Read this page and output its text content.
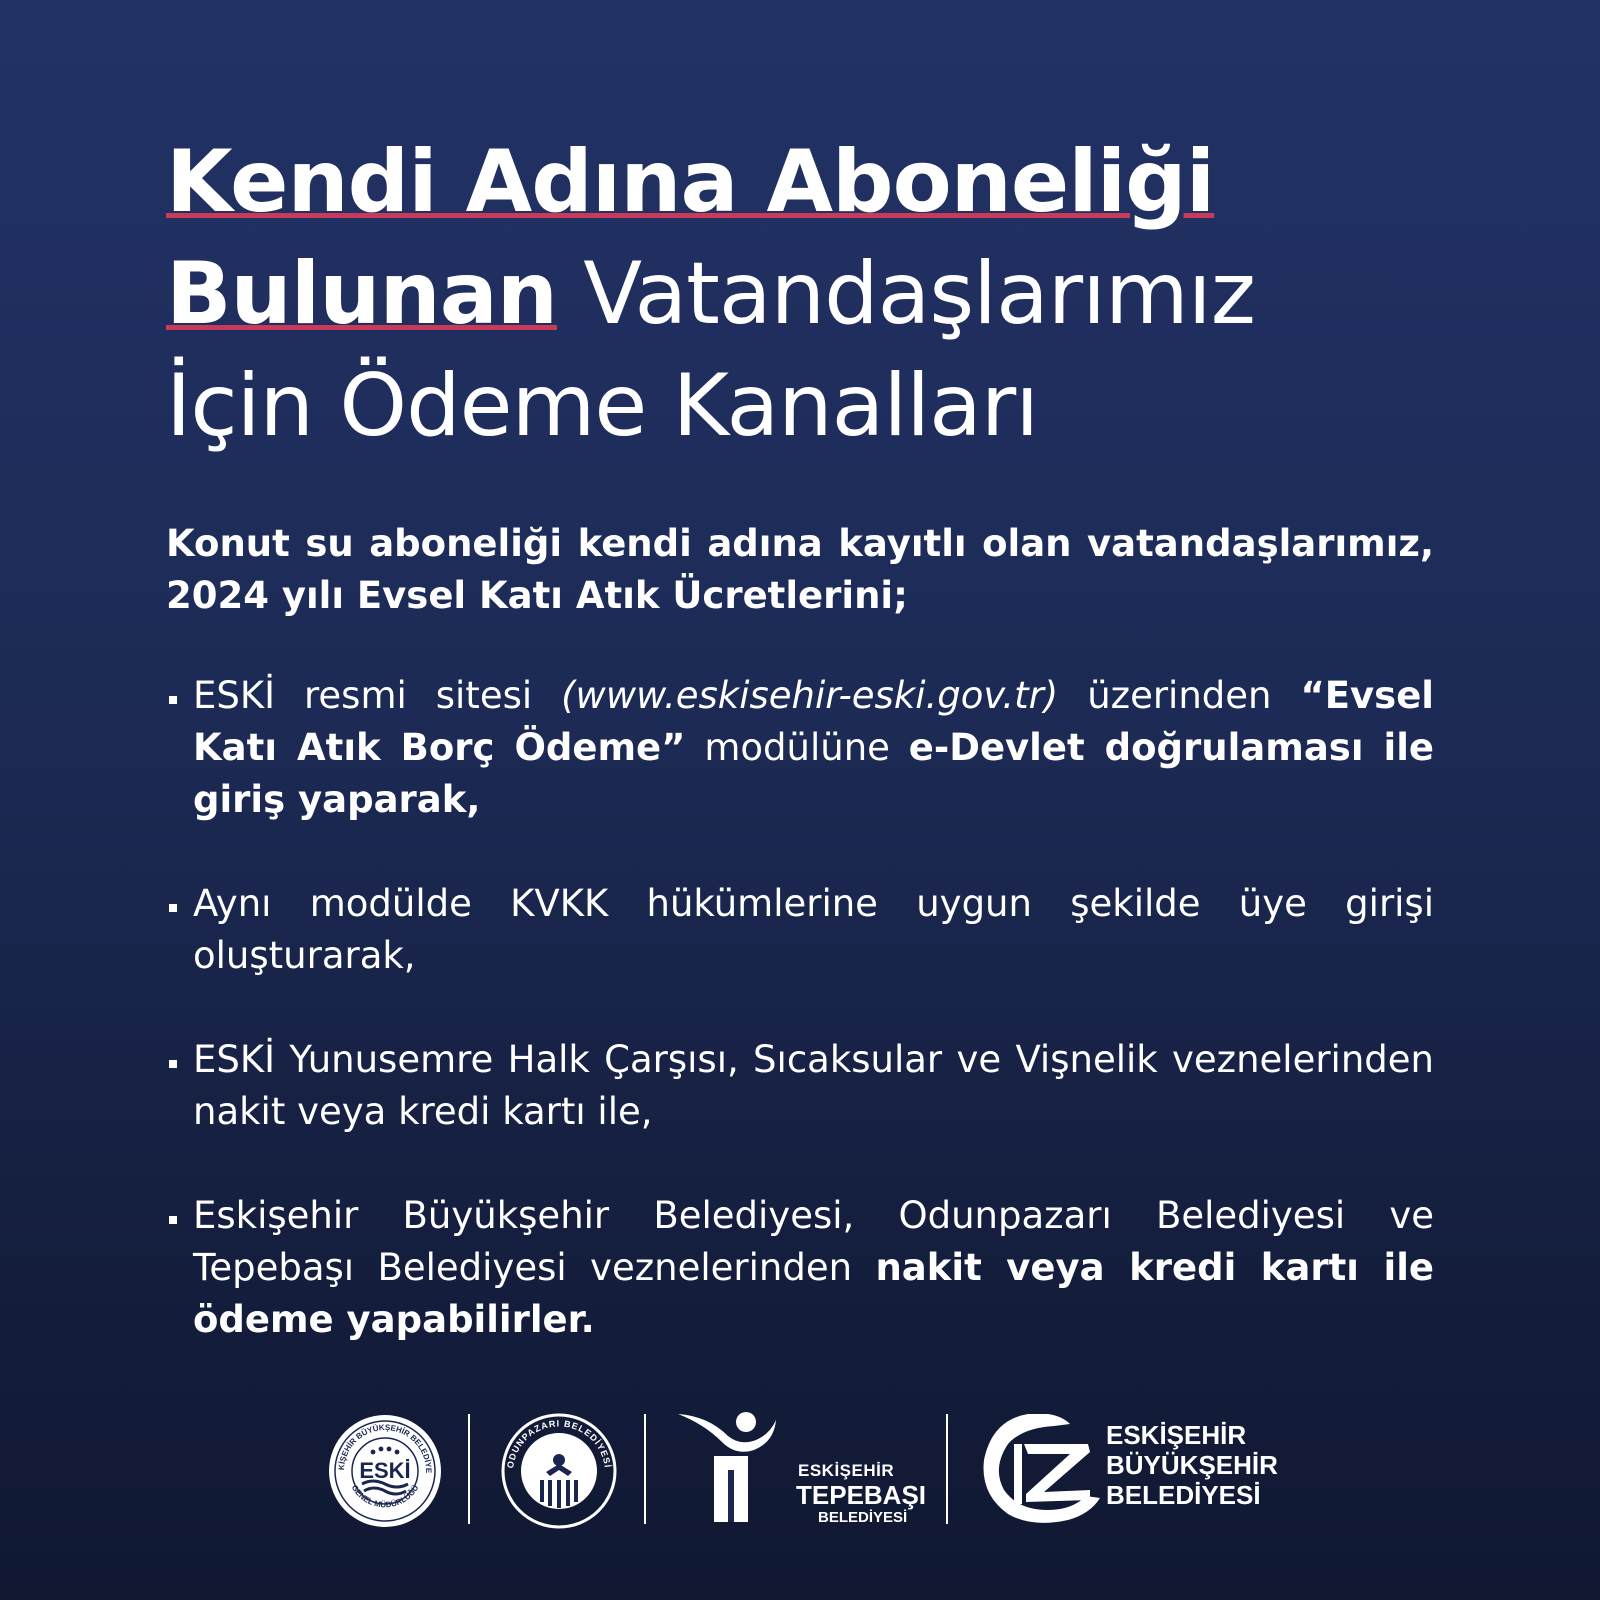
Kendi Adına Aboneliği
Bulunan Vatandaşlarımız
İçin Ödeme Kanalları
Konut su aboneliği kendi adına kayıtlı olan vatandaşlarımız, 2024 yılı Evsel Katı Atık Ücretlerini;
ESKİ resmi sitesi (www.eskisehir-eski.gov.tr) üzerinden “Evsel Katı Atık Borç Ödeme” modülüne e-Devlet doğrulaması ile giriş yaparak,
Aynı modülde KVKK hükümlerine uygun şekilde üye girişi oluşturarak,
ESKİ Yunusemre Halk Çarşısı, Sıcaksular ve Vişnelik veznelerinden nakit veya kredi kartı ile,
Eskişehir Büyükşehir Belediyesi, Odunpazarı Belediyesi ve Tepebaşı Belediyesi veznelerinden nakit veya kredi kartı ile ödeme yapabilirler.
KİŞEHİR BÜYÜKŞEHİR BELEDİYE
GENEL MÜDÜRLÜĞÜ
ESKİ	ODUNPAZARI BELEDİYESİ	ESKİŞEHİR
TEPEBAŞI
BELEDİYESİ
ESKİŞEHİR
BÜYÜKŞEHİR
BELEDİYESİ
